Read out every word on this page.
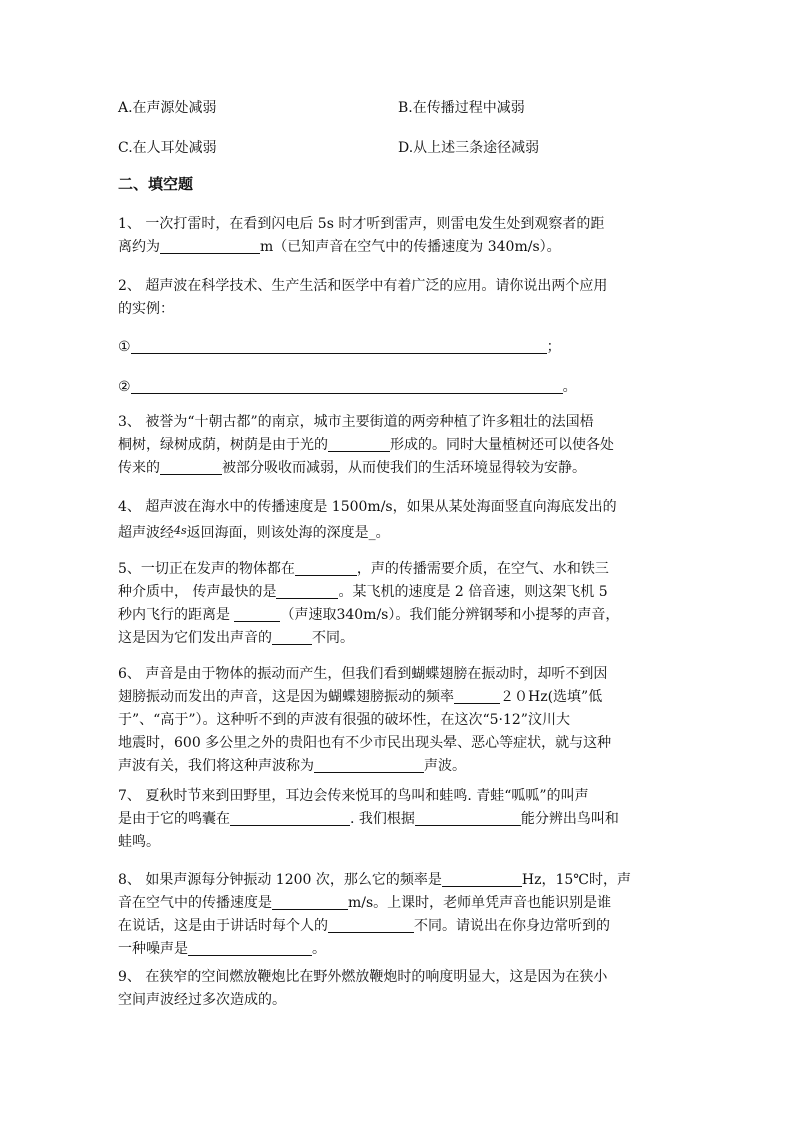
A.在声源处减弱	B.在传播过程中减弱
C.在人耳处减弱	D.从上述三条途径减弱
二、填空题
1、 一次打雷时，在看到闪电后 5s 时才听到雷声，则雷电发生处到观察者的距
离约为	m（已知声音在空气中的传播速度为 340m/s）。
2、 超声波在科学技术、生产生活和医学中有着广泛的应用。请你说出两个应用
的实例：
①	；
②	。
3、 被誉为“十朝古都”的南京，城市主要街道的两旁种植了许多粗壮的法国梧
桐树，绿树成荫，树荫是由于光的	形成的。同时大量植树还可以使各处
传来的	被部分吸收而减弱，从而使我们的生活环境显得较为安静。
4、 超声波在海水中的传播速度是 1500m/s，如果从某处海面竖直向海底发出的
超声波经$^{4s}$返回海面，则该处海的深度是_。
5、一切正在发声的物体都在	，声的传播需要介质，在空气、水和铁三
种介质中， 传声最快的是	。某飞机的速度是 2 倍音速，则这架飞机 5
秒内飞行的距离是	（声速取340m/s）。我们能分辨钢琴和小提琴的声音，
这是因为它们发出声音的	不同。
6、 声音是由于物体的振动而产生，但我们看到蝴蝶翅膀在振动时，却听不到因
翅膀振动而发出的声音，这是因为蝴蝶翅膀振动的频率	２０Hz(选填”低
于”、“高于”）。这种听不到的声波有很强的破坏性，在这次“5·12”汶川大
地震时，600 多公里之外的贵阳也有不少市民出现头晕、恶心等症状，就与这种
声波有关，我们将这种声波称为	声波。
7、 夏秋时节来到田野里，耳边会传来悦耳的鸟叫和蛙鸣. 青蛙“呱呱”的叫声
是由于它的鸣囊在	. 我们根据	能分辨出鸟叫和
蛙鸣。
8、 如果声源每分钟振动 1200 次，那么它的频率是	Hz，15℃时，声
音在空气中的传播速度是	m/s。上课时，老师单凭声音也能识别是谁
在说话，这是由于讲话时每个人的	不同。请说出在你身边常听到的
一种噪声是	。
9、 在狭窄的空间燃放鞭炮比在野外燃放鞭炮时的响度明显大，这是因为在狭小
空间声波经过多次造成的。
